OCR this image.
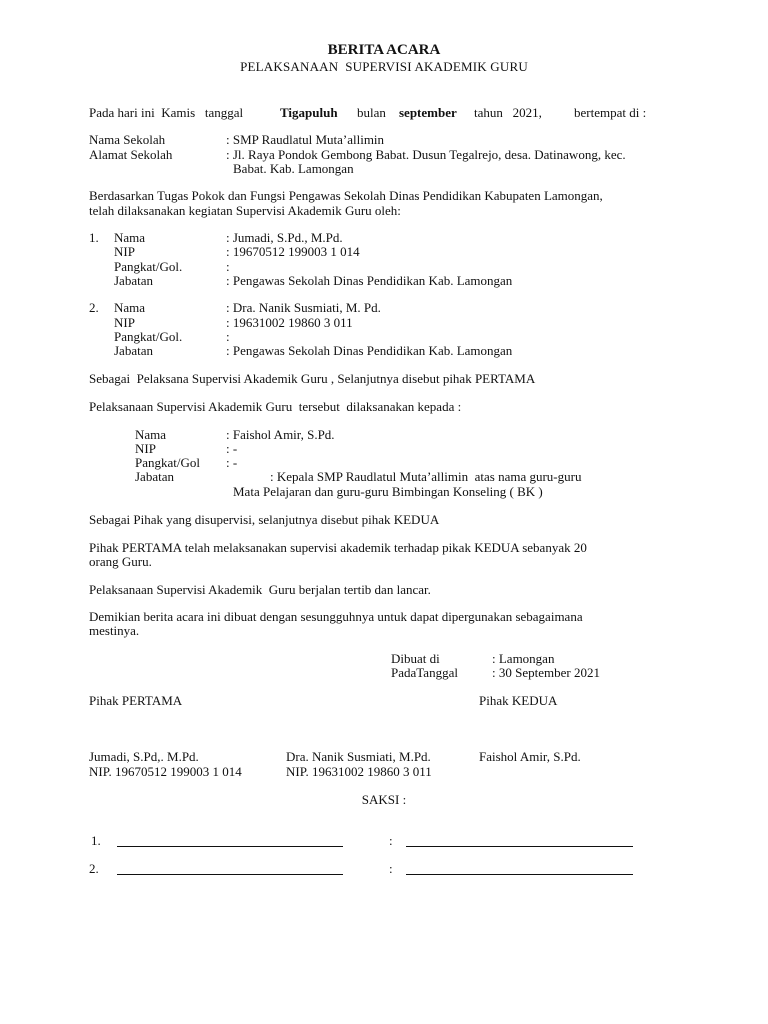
BERITA ACARA
PELAKSANAAN  SUPERVISI AKADEMIK GURU
Pada hari ini  Kamis   tanggal	Tigapuluh bulan september tahun   2021, bertempat di :
Nama Sekolah	: SMP Raudlatul Muta’allimin
Alamat Sekolah	: Jl. Raya Pondok Gembong Babat. Dusun Tegalrejo, desa. Datinawong, kec.
Babat. Kab. Lamongan
Berdasarkan Tugas Pokok dan Fungsi Pengawas Sekolah Dinas Pendidikan Kabupaten Lamongan,
telah dilaksanakan kegiatan Supervisi Akademik Guru oleh:
1. Nama	: Jumadi, S.Pd., M.Pd.
NIP	: 19670512 199003 1 014
Pangkat/Gol.	:
Jabatan	: Pengawas Sekolah Dinas Pendidikan Kab. Lamongan
2. Nama	: Dra. Nanik Susmiati, M. Pd.
NIP	: 19631002 19860 3 011
Pangkat/Gol.	:
Jabatan	: Pengawas Sekolah Dinas Pendidikan Kab. Lamongan
Sebagai  Pelaksana Supervisi Akademik Guru , Selanjutnya disebut pihak PERTAMA
Pelaksanaan Supervisi Akademik Guru  tersebut  dilaksanakan kepada :
Nama	: Faishol Amir, S.Pd.
NIP	: -
Pangkat/Gol : -
Jabatan	: Kepala SMP Raudlatul Muta’allimin  atas nama guru-guru
Mata Pelajaran dan guru-guru Bimbingan Konseling ( BK )
Sebagai Pihak yang disupervisi, selanjutnya disebut pihak KEDUA
Pihak PERTAMA telah melaksanakan supervisi akademik terhadap pikak KEDUA sebanyak 20
orang Guru.
Pelaksanaan Supervisi Akademik  Guru berjalan tertib dan lancar.
Demikian berita acara ini dibuat dengan sesungguhnya untuk dapat dipergunakan sebagaimana
mestinya.
Dibuat di	: Lamongan
PadaTanggal	: 30 September 2021
Pihak PERTAMA	Pihak KEDUA
Jumadi, S.Pd,. M.Pd.
NIP. 19670512 199003 1 014
Dra. Nanik Susmiati, M.Pd.
NIP. 19631002 19860 3 011
Faishol Amir, S.Pd.
SAKSI :
1.	:
2.	:
